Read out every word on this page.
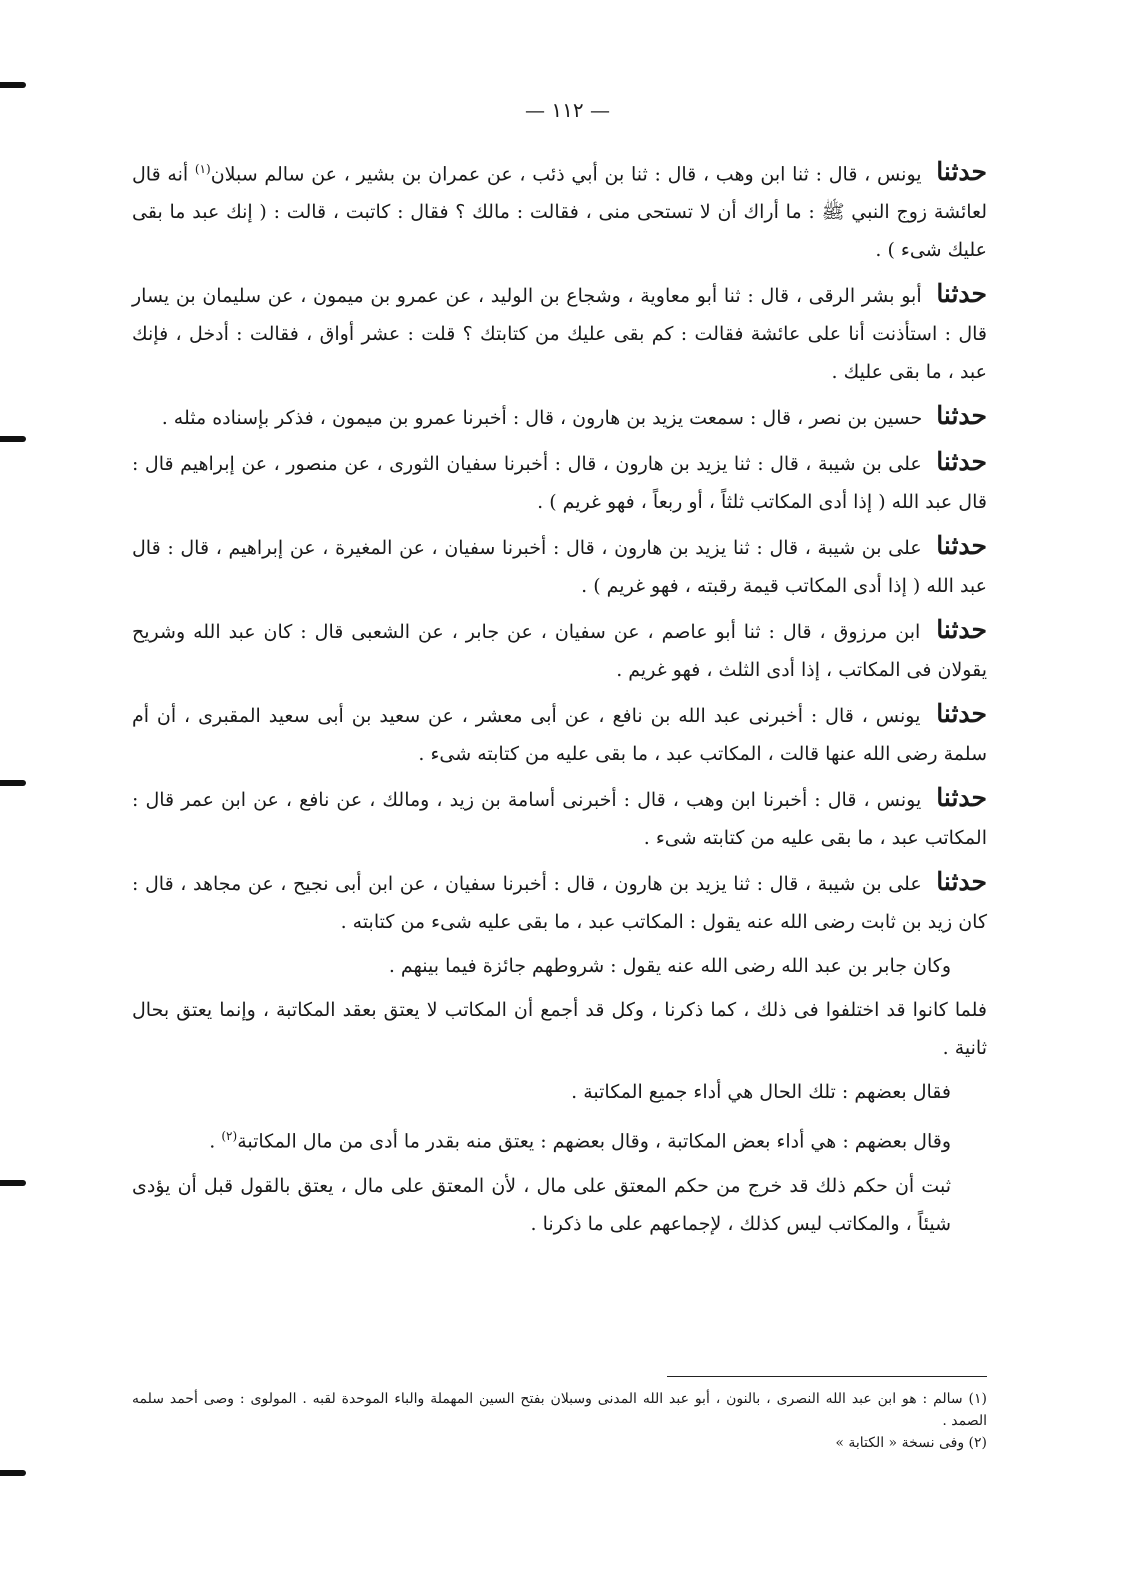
— ١١٢ —

حدثنا يونس ، قال : ثنا ابن وهب ، قال : ثنا بن أبي ذئب ، عن عمران بن بشير ، عن سالم سبلان$^{(١)}$ أنه قال لعائشة زوج النبي ﷺ : ما أراك أن لا تستحى منى ، فقالت : مالك ؟ فقال : كاتبت ، قالت : ( إنك عبد ما بقى عليك شىء ) .

حدثنا أبو بشر الرقى ، قال : ثنا أبو معاوية ، وشجاع بن الوليد ، عن عمرو بن ميمون ، عن سليمان بن يسار قال : استأذنت أنا على عائشة فقالت : كم بقى عليك من كتابتك ؟ قلت : عشر أواق ، فقالت : أدخل ، فإنك عبد ، ما بقى عليك .

حدثنا حسين بن نصر ، قال : سمعت يزيد بن هارون ، قال : أخبرنا عمرو بن ميمون ، فذكر بإسناده مثله .

حدثنا على بن شيبة ، قال : ثنا يزيد بن هارون ، قال : أخبرنا سفيان الثورى ، عن منصور ، عن إبراهيم قال : قال عبد الله ( إذا أدى المكاتب ثلثاً ، أو ربعاً ، فهو غريم ) .

حدثنا على بن شيبة ، قال : ثنا يزيد بن هارون ، قال : أخبرنا سفيان ، عن المغيرة ، عن إبراهيم ، قال : قال عبد الله ( إذا أدى المكاتب قيمة رقبته ، فهو غريم ) .

حدثنا ابن مرزوق ، قال : ثنا أبو عاصم ، عن سفيان ، عن جابر ، عن الشعبى قال : كان عبد الله وشريح يقولان فى المكاتب ، إذا أدى الثلث ، فهو غريم .

حدثنا يونس ، قال : أخبرنى عبد الله بن نافع ، عن أبى معشر ، عن سعيد بن أبى سعيد المقبرى ، أن أم سلمة رضى الله عنها قالت ، المكاتب عبد ، ما بقى عليه من كتابته شىء .

حدثنا يونس ، قال : أخبرنا ابن وهب ، قال : أخبرنى أسامة بن زيد ، ومالك ، عن نافع ، عن ابن عمر قال : المكاتب عبد ، ما بقى عليه من كتابته شىء .

حدثنا على بن شيبة ، قال : ثنا يزيد بن هارون ، قال : أخبرنا سفيان ، عن ابن أبى نجيح ، عن مجاهد ، قال : كان زيد بن ثابت رضى الله عنه يقول : المكاتب عبد ، ما بقى عليه شىء من كتابته .

وكان جابر بن عبد الله رضى الله عنه يقول : شروطهم جائزة فيما بينهم .

فلما كانوا قد اختلفوا فى ذلك ، كما ذكرنا ، وكل قد أجمع أن المكاتب لا يعتق بعقد المكاتبة ، وإنما يعتق بحال ثانية .

فقال بعضهم : تلك الحال هي أداء جميع المكاتبة .

وقال بعضهم : هي أداء بعض المكاتبة ، وقال بعضهم : يعتق منه بقدر ما أدى من مال المكاتبة$^{(٢)}$ .

ثبت أن حكم ذلك قد خرج من حكم المعتق على مال ، لأن المعتق على مال ، يعتق بالقول قبل أن يؤدى شيئاً ، والمكاتب ليس كذلك ، لإجماعهم على ما ذكرنا .

(١) سالم : هو ابن عبد الله النصرى ، بالنون ، أبو عبد الله المدنى وسبلان بفتح السين المهملة والباء الموحدة لقبه . المولوى : وصى أحمد سلمه الصمد .

(٢) وفى نسخة « الكتابة »
